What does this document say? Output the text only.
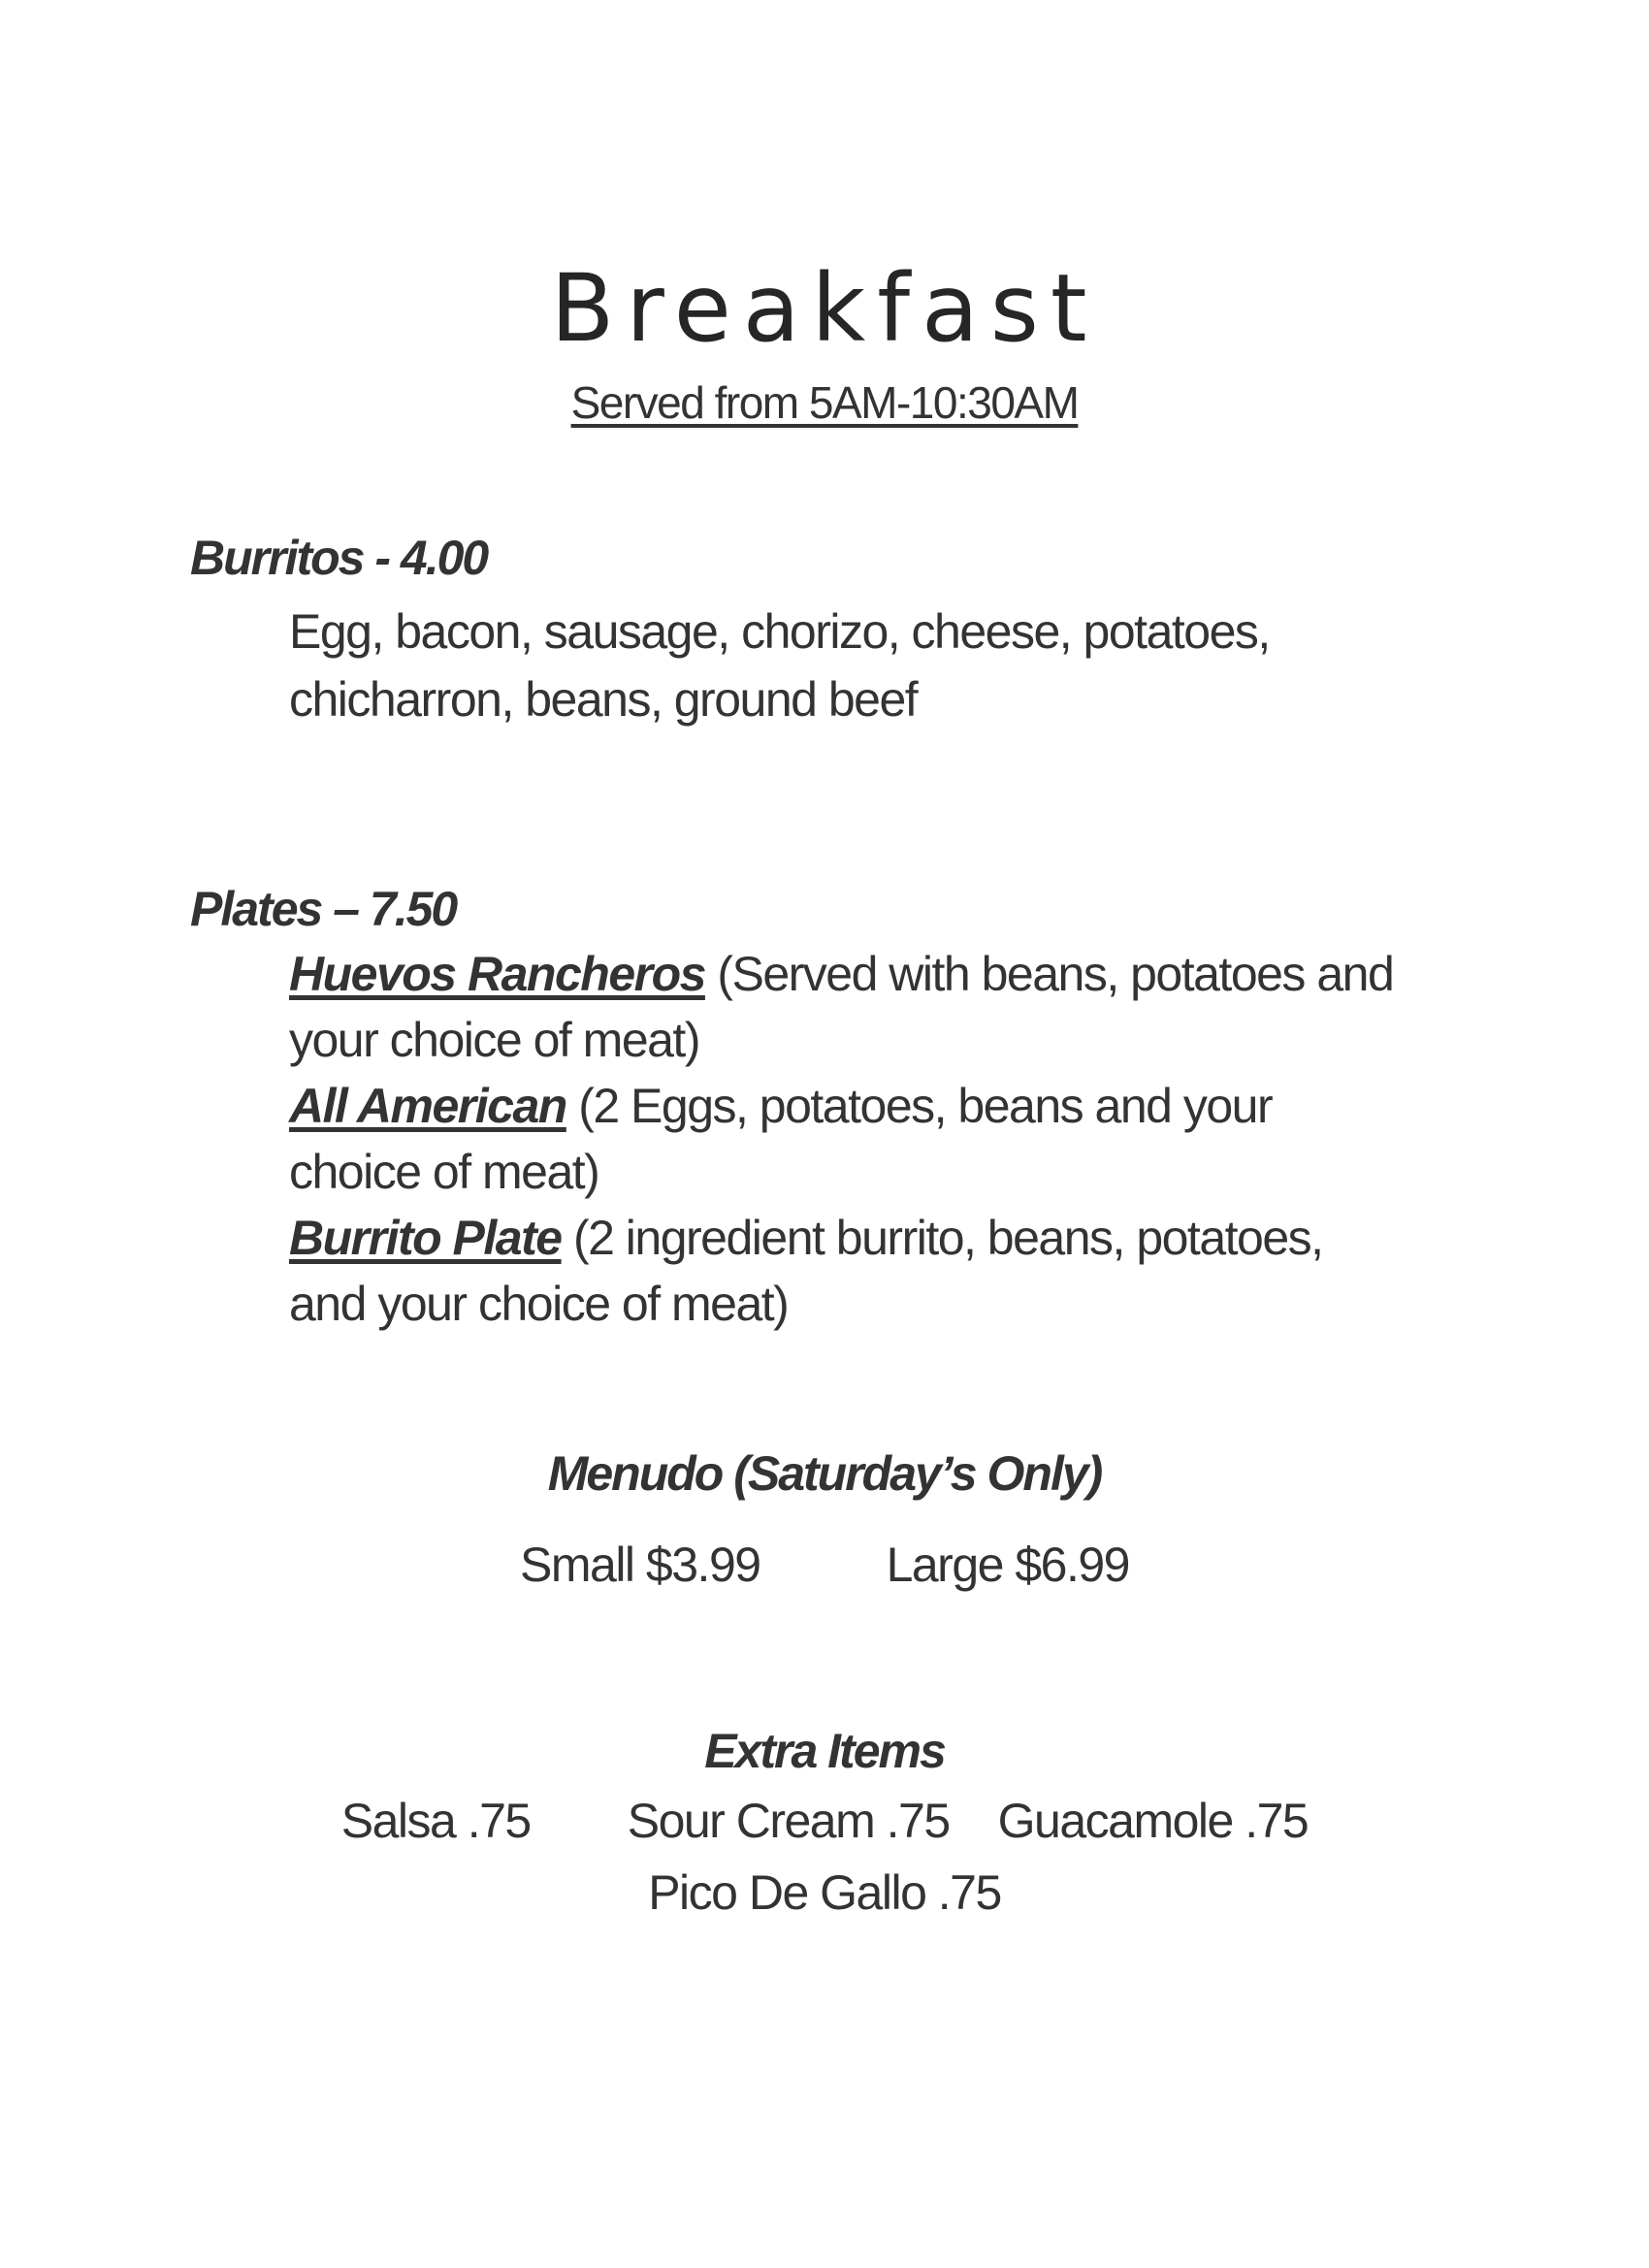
Breakfast
Served from 5AM-10:30AM
Burritos - 4.00
Egg, bacon, sausage, chorizo, cheese, potatoes,
chicharron, beans, ground beef
Plates – 7.50
Huevos Rancheros (Served with beans, potatoes and
your choice of meat)
All American (2 Eggs, potatoes, beans and your
choice of meat)
Burrito Plate (2 ingredient burrito, beans, potatoes,
and your choice of meat)
Menudo (Saturday’s Only)
Small $3.99	Large $6.99
Extra Items
Salsa .75 Sour Cream .75 Guacamole .75
Pico De Gallo .75
